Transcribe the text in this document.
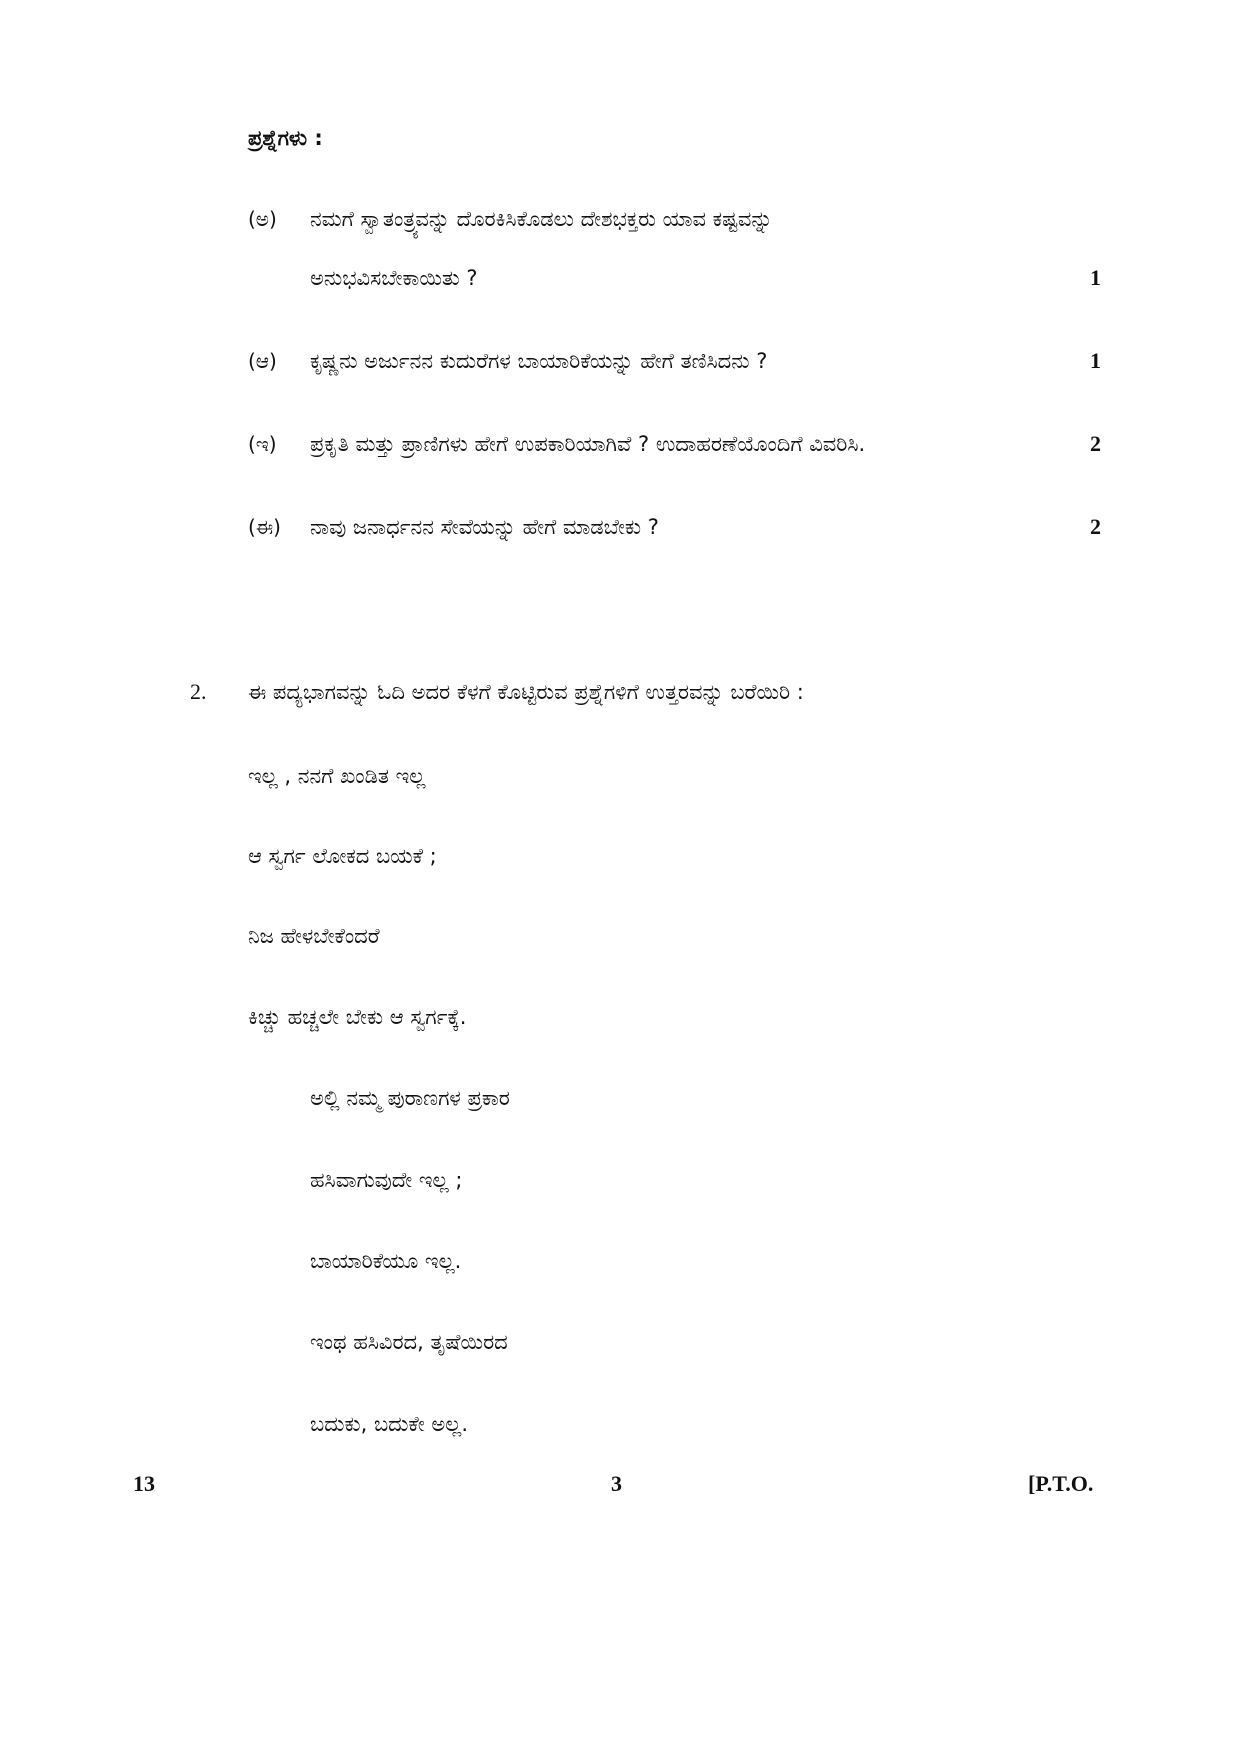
ಪ್ರಶ್ನೆಗಳು :
(ಅ) ನಮಗೆ ಸ್ವಾತಂತ್ರ್ಯವನ್ನು ದೊರಕಿಸಿಕೊಡಲು ದೇಶಭಕ್ತರು ಯಾವ ಕಷ್ಟವನ್ನು
ಅನುಭವಿಸಬೇಕಾಯಿತು ?	1
(ಆ) ಕೃಷ್ಣನು ಅರ್ಜುನನ ಕುದುರೆಗಳ ಬಾಯಾರಿಕೆಯನ್ನು ಹೇಗೆ ತಣಿಸಿದನು ?	1
(ಇ) ಪ್ರಕೃತಿ ಮತ್ತು ಪ್ರಾಣಿಗಳು ಹೇಗೆ ಉಪಕಾರಿಯಾಗಿವೆ ? ಉದಾಹರಣೆಯೊಂದಿಗೆ ವಿವರಿಸಿ.	2
(ಈ) ನಾವು ಜನಾರ್ಧನನ ಸೇವೆಯನ್ನು ಹೇಗೆ ಮಾಡಬೇಕು ?	2
2. ಈ ಪದ್ಯಭಾಗವನ್ನು ಓದಿ ಅದರ ಕೆಳಗೆ ಕೊಟ್ಟಿರುವ ಪ್ರಶ್ನೆಗಳಿಗೆ ಉತ್ತರವನ್ನು ಬರೆಯಿರಿ :
ಇಲ್ಲ , ನನಗೆ ಖಂಡಿತ ಇಲ್ಲ
ಆ ಸ್ವರ್ಗ ಲೋಕದ ಬಯಕೆ ;
ನಿಜ ಹೇಳಬೇಕೆಂದರೆ
ಕಿಚ್ಚು ಹಚ್ಚಲೇ ಬೇಕು ಆ ಸ್ವರ್ಗಕ್ಕೆ.
ಅಲ್ಲಿ ನಮ್ಮ ಪುರಾಣಗಳ ಪ್ರಕಾರ
ಹಸಿವಾಗುವುದೇ ಇಲ್ಲ ;
ಬಾಯಾರಿಕೆಯೂ ಇಲ್ಲ.
ಇಂಥ ಹಸಿವಿರದ, ತೃಷೆಯಿರದ
ಬದುಕು, ಬದುಕೇ ಅಲ್ಲ.
13	3	[P.T.O.
